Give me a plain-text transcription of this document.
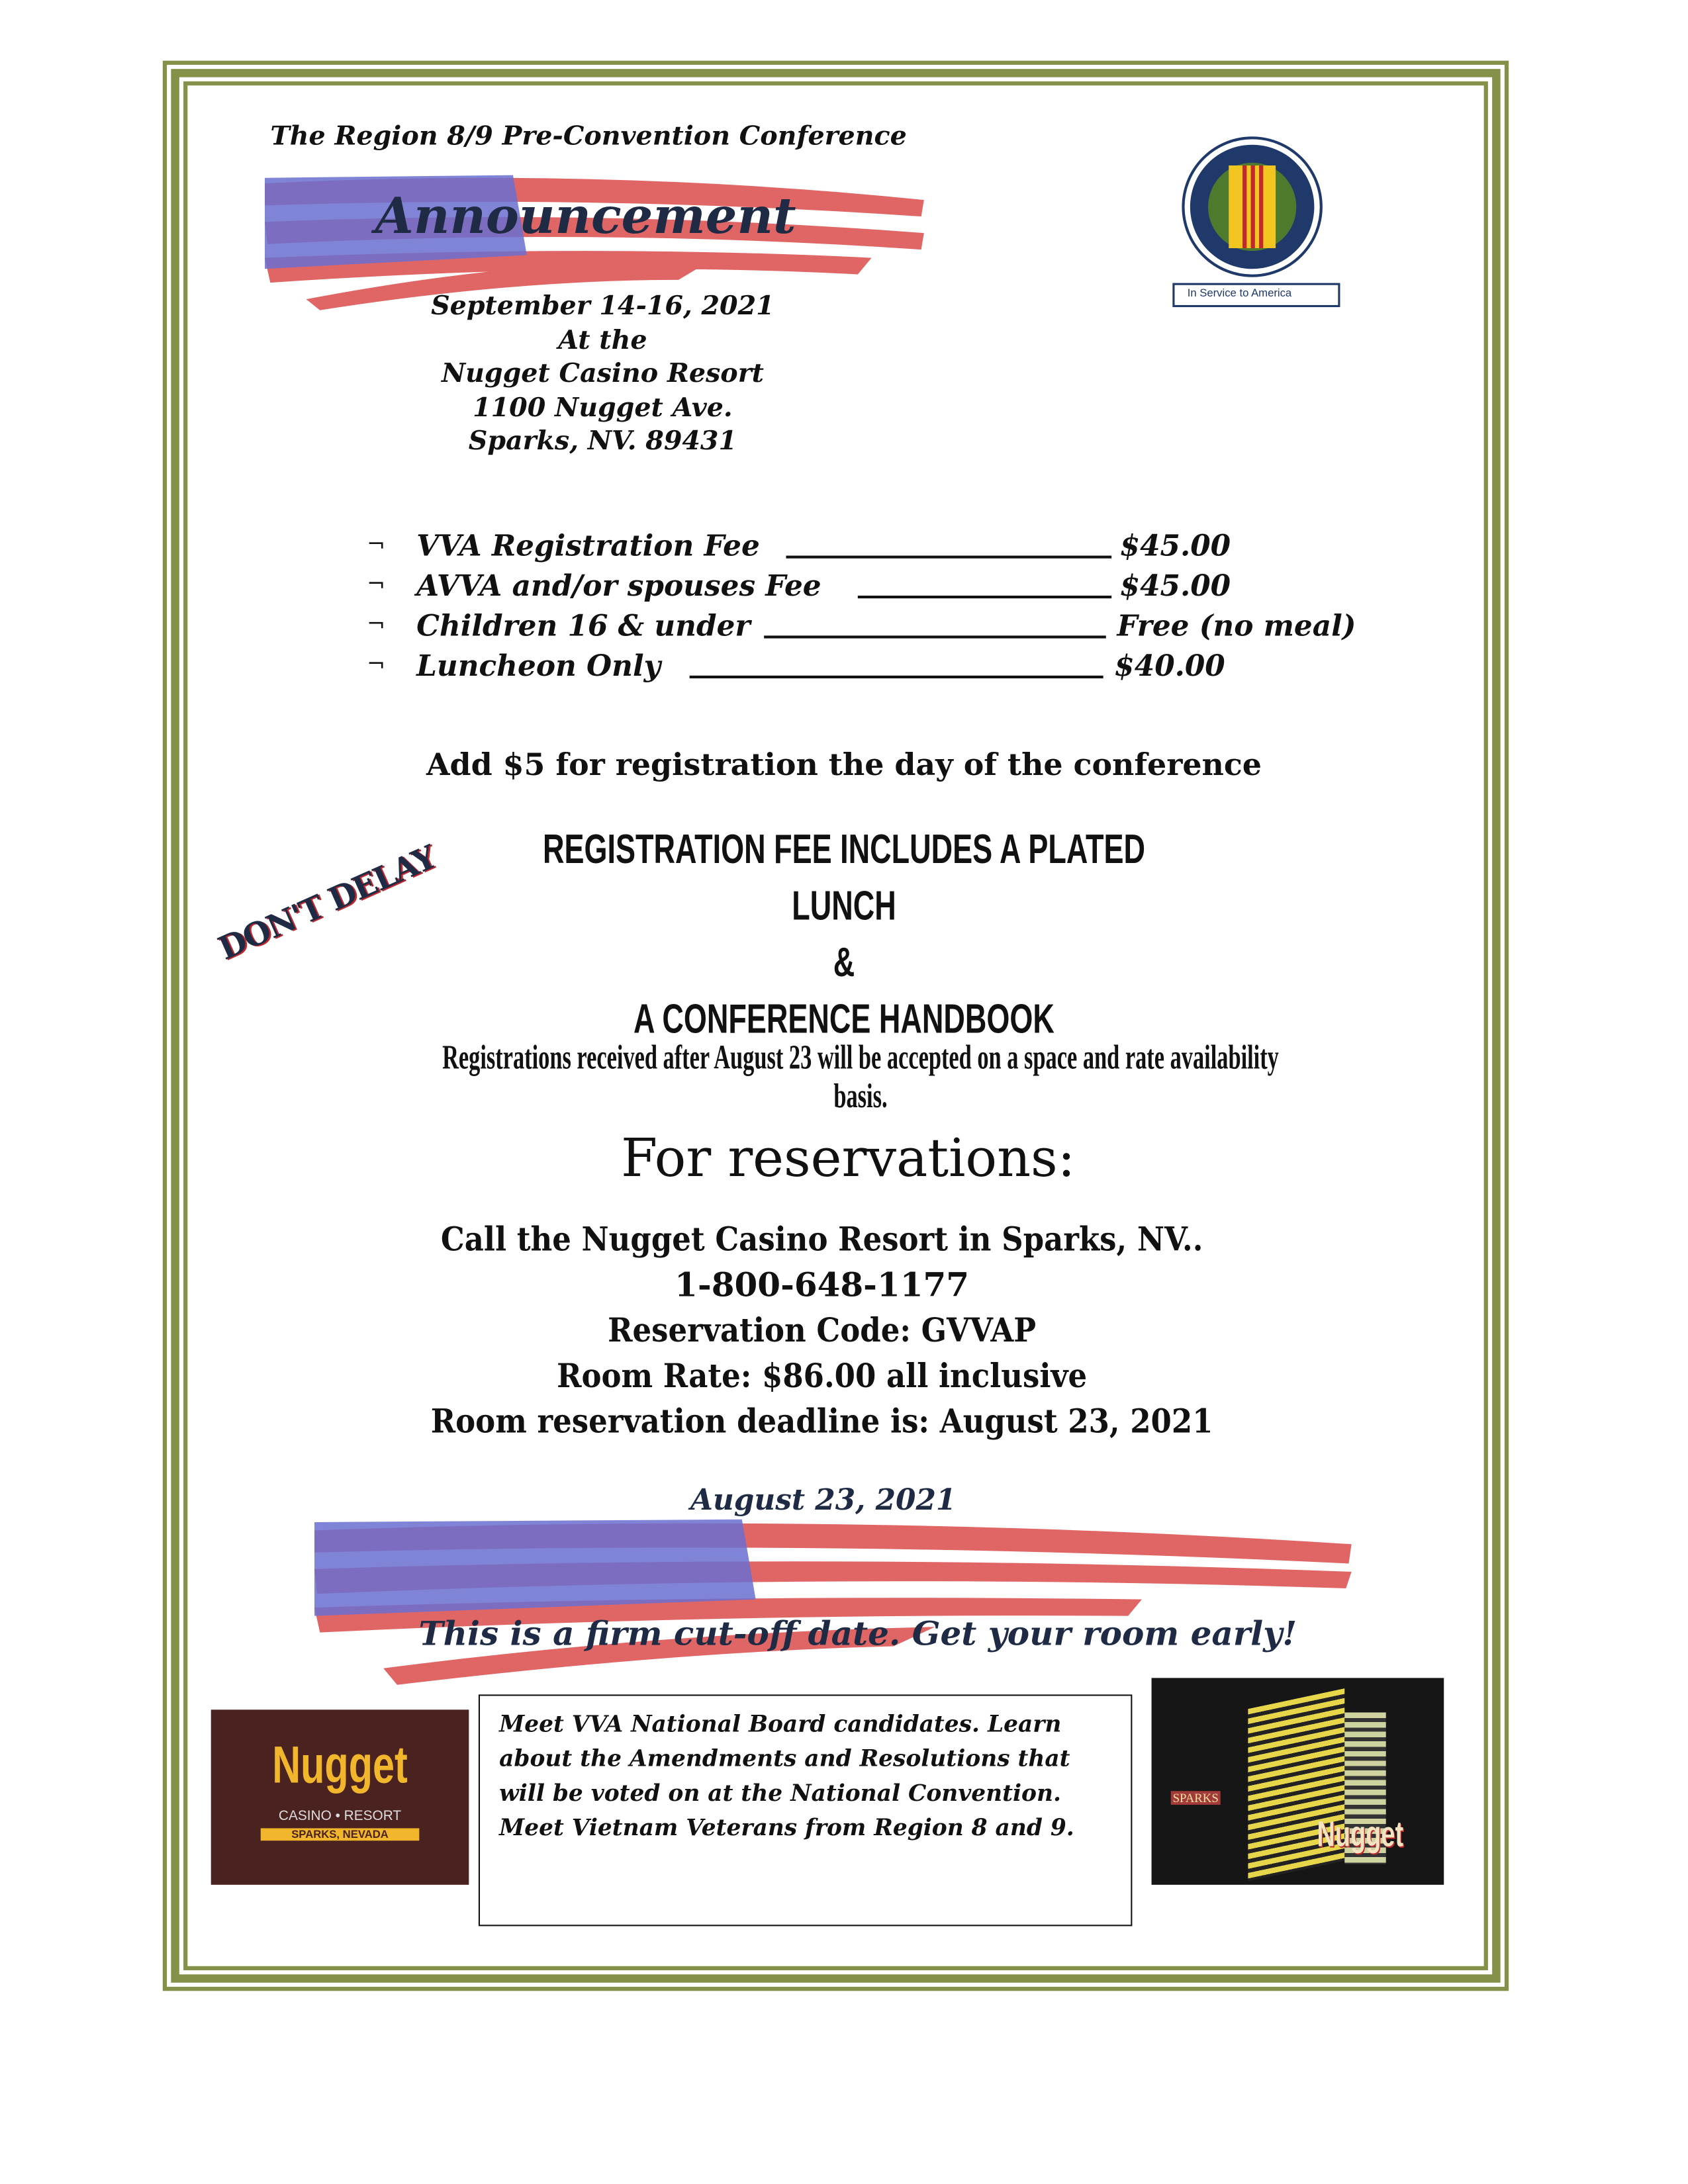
The Region 8/9 Pre-Convention Conference
Announcement
September 14-16, 2021
At the
Nugget Casino Resort
1100 Nugget Ave.
Sparks, NV. 89431
In Service to America
¬ VVA Registration Fee	$45.00
¬ AVVA and/or spouses Fee	$45.00
¬ Children 16 & under	Free (no meal)
¬ Luncheon Only	$40.00
Add $5 for registration the day of the conference
REGISTRATION FEE INCLUDES A PLATED LUNCH
&
A CONFERENCE HANDBOOK
DON'T DELAY
Registrations received after August 23 will be accepted on a space and rate availability basis.
For reservations:
Call the Nugget Casino Resort in Sparks, NV..
1-800-648-1177
Reservation Code: GVVAP
Room Rate: $86.00 all inclusive
Room reservation deadline is: August 23, 2021
August 23, 2021
This is a firm cut-off date. Get your room early!
Nugget
CASINO • RESORT
SPARKS, NEVADA
Meet VVA National Board candidates. Learn about the Amendments and Resolutions that will be voted on at the National Convention. Meet Vietnam Veterans from Region 8 and 9.
SPARKS
Nugget
